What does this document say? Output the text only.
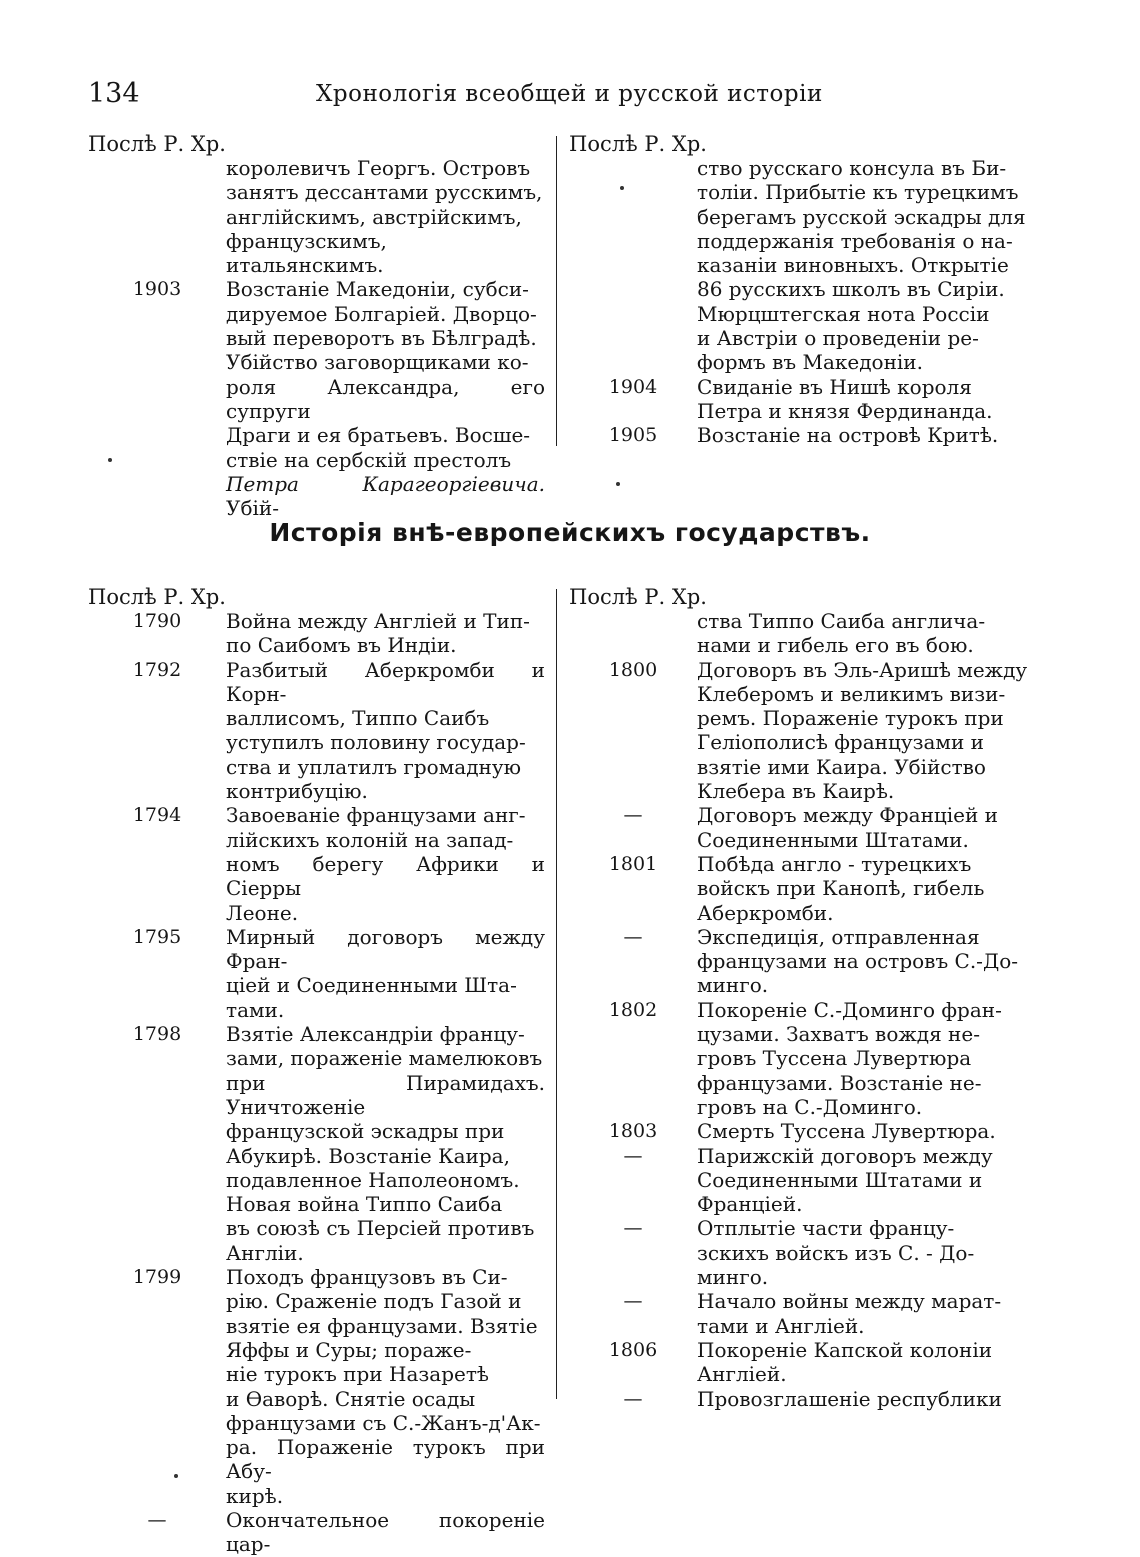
134	Хронологія всеобщей и русской исторіи
Послѣ Р. Хр.
королевичъ Георгъ. Островъ
занятъ дессантами русскимъ,
англійскимъ, австрійскимъ,
французскимъ, итальянскимъ.
1903	Возстаніе Македоніи, субси-
дируемое Болгаріей. Дворцо-
вый переворотъ въ Бѣлградѣ.
Убійство заговорщиками ко-
роля Александра, его супруги
Драги и ея братьевъ. Восше-
ствіе на сербскій престолъ
Петра Карагеоргіевича. Убій-
Послѣ Р. Хр.
ство русскаго консула въ Би-
толіи. Прибытіе къ турецкимъ
берегамъ русской эскадры для
поддержанія требованія о на-
казаніи виновныхъ. Открытіе
86 русскихъ школъ въ Сиріи.
Мюрцштегская нота Россіи
и Австріи о проведеніи ре-
формъ въ Македоніи.
1904	Свиданіе въ Нишѣ короля
Петра и князя Фердинанда.
1905	Возстаніе на островѣ Критѣ.
Исторія внѣ-европейскихъ государствъ.
Послѣ Р. Хр.
1790	Война между Англіей и Тип-
по Саибомъ въ Индіи.
1792	Разбитый Аберкромби и Корн-
валлисомъ, Типпо Саибъ
уступилъ половину государ-
ства и уплатилъ громадную
контрибуцію.
1794	Завоеваніе французами анг-
лійскихъ колоній на запад-
номъ берегу Африки и Сіерры
Леоне.
1795	Мирный договоръ между Фран-
ціей и Соединенными Шта-
тами.
1798	Взятіе Александріи францу-
зами, пораженіе мамелюковъ
при Пирамидахъ. Уничтоженіе
французской эскадры при
Абукирѣ. Возстаніе Каира,
подавленное Наполеономъ.
Новая война Типпо Саиба
въ союзѣ съ Персіей противъ
Англіи.
1799	Походъ французовъ въ Си-
рію. Сраженіе подъ Газой и
взятіе ея французами. Взятіе
Яффы и Суры; пораже-
ніе турокъ при Назаретѣ
и Ѳаворѣ. Снятіе осады
французами съ С.-Жанъ-д'Ак-
ра. Пораженіе турокъ при Абу-
кирѣ.
—	Окончательное покореніе цар-
Послѣ Р. Хр.
ства Типпо Саиба англича-
нами и гибель его въ бою.
1800	Договоръ въ Эль-Аришѣ между
Клеберомъ и великимъ визи-
ремъ. Пораженіе турокъ при
Геліополисѣ французами и
взятіе ими Каира. Убійство
Клебера въ Каирѣ.
—	Договоръ между Франціей и
Соединенными Штатами.
1801	Побѣда англо - турецкихъ
войскъ при Канопѣ, гибель
Аберкромби.
—	Экспедиція, отправленная
французами на островъ С.-До-
минго.
1802	Покореніе С.-Доминго фран-
цузами. Захватъ вождя не-
гровъ Туссена Лувертюра
французами. Возстаніе не-
гровъ на С.-Доминго.
1803	Смерть Туссена Лувертюра.
—	Парижскій договоръ между
Соединенными Штатами и
Франціей.
—	Отплытіе части францу-
зскихъ войскъ изъ С. - До-
минго.
—	Начало войны между марат-
тами и Англіей.
1806	Покореніе Капской колоніи
Англіей.
—	Провозглашеніе республики
